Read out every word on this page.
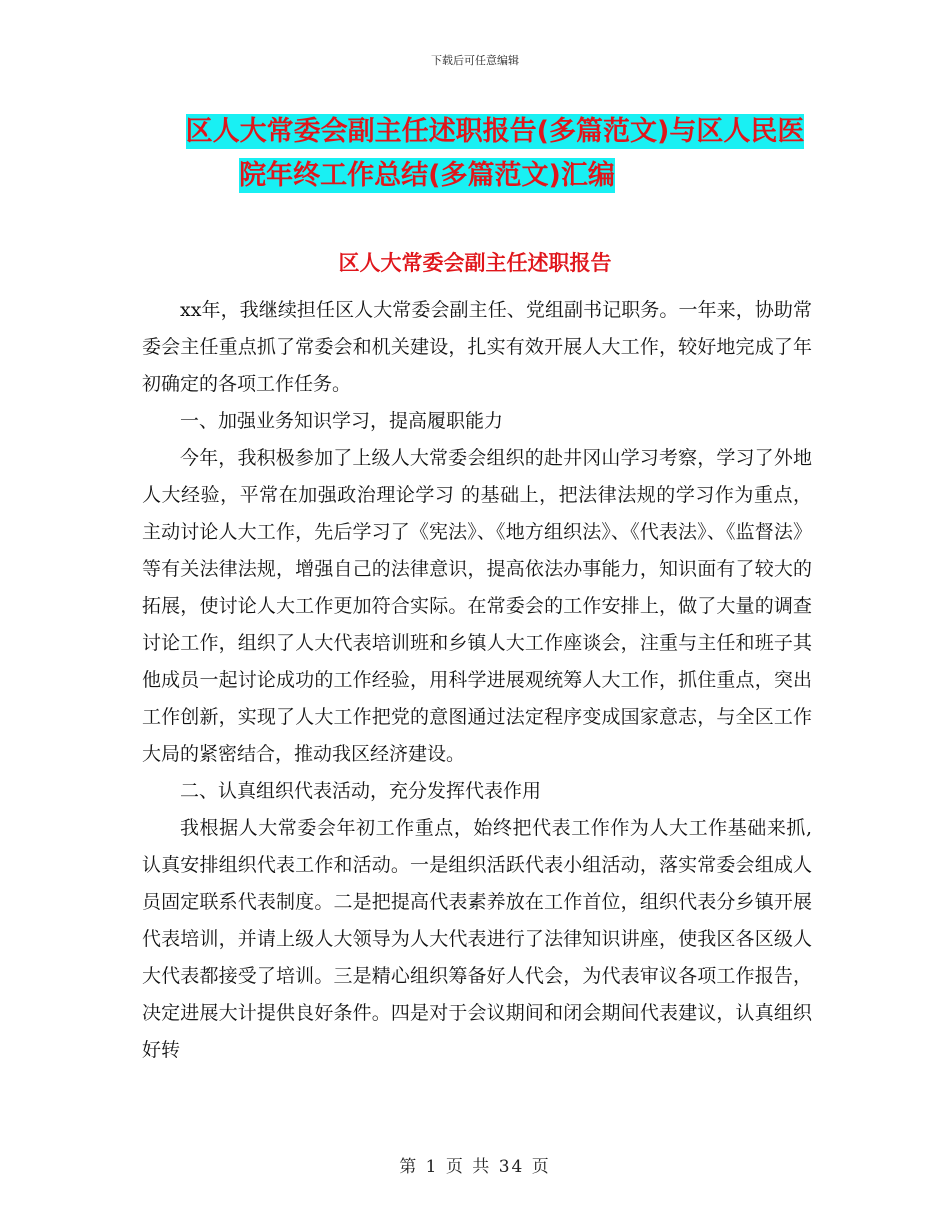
下载后可任意编辑
区人大常委会副主任述职报告(多篇范文)与区人民医
院年终工作总结(多篇范文)汇编
区人大常委会副主任述职报告

xx年，我继续担任区人大常委会副主任、党组副书记职务。一年来，协助常委会主任重点抓了常委会和机关建设，扎实有效开展人大工作，较好地完成了年初确定的各项工作任务。

一、加强业务知识学习，提高履职能力

今年，我积极参加了上级人大常委会组织的赴井冈山学习考察，学习了外地人大经验，平常在加强政治理论学习 的基础上，把法律法规的学习作为重点，主动讨论人大工作，先后学习了《宪法》、《地方组织法》、《代表法》、《监督法》等有关法律法规，增强自己的法律意识，提高依法办事能力，知识面有了较大的拓展，使讨论人大工作更加符合实际。在常委会的工作安排上，做了大量的调查讨论工作，组织了人大代表培训班和乡镇人大工作座谈会，注重与主任和班子其他成员一起讨论成功的工作经验，用科学进展观统筹人大工作，抓住重点，突出工作创新，实现了人大工作把党的意图通过法定程序变成国家意志，与全区工作大局的紧密结合，推动我区经济建设。

二、认真组织代表活动，充分发挥代表作用

我根据人大常委会年初工作重点，始终把代表工作作为人大工作基础来抓,认真安排组织代表工作和活动。一是组织活跃代表小组活动，落实常委会组成人员固定联系代表制度。二是把提高代表素养放在工作首位，组织代表分乡镇开展代表培训，并请上级人大领导为人大代表进行了法律知识讲座，使我区各区级人大代表都接受了培训。三是精心组织筹备好人代会，为代表审议各项工作报告，决定进展大计提供良好条件。四是对于会议期间和闭会期间代表建议，认真组织好转

第 1 页 共 34 页
